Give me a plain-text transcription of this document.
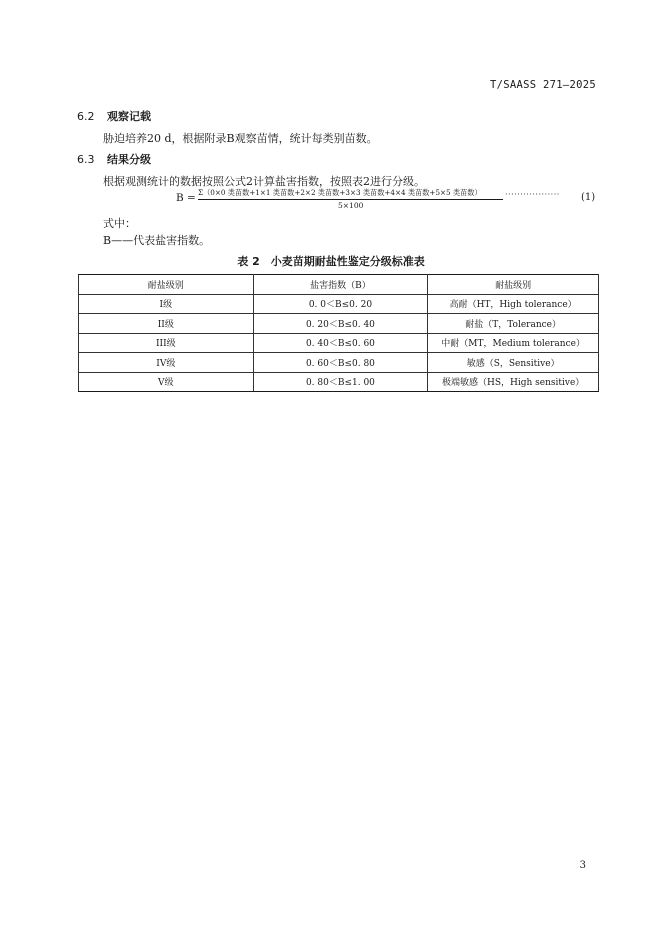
T/SAASS 271—2025
6.2 观察记载
胁迫培养20 d，根据附录B观察苗情，统计每类别苗数。
6.3 结果分级
根据观测统计的数据按照公式2计算盐害指数，按照表2进行分级。
B = Σ（0×0 类苗数+1×1 类苗数+2×2 类苗数+3×3 类苗数+4×4 类苗数+5×5 类苗数）
5×100
·················· (1)
式中：
B——代表盐害指数。
表 2　小麦苗期耐盐性鉴定分级标准表
耐盐级别	盐害指数（B）	耐盐级别
I级	0. 0＜B≤0. 20	高耐（HT，High tolerance）
II级	0. 20＜B≤0. 40	耐盐（T，Tolerance）
III级	0. 40＜B≤0. 60	中耐（MT，Medium tolerance）
IV级	0. 60＜B≤0. 80	敏感（S，Sensitive）
V级	0. 80＜B≤1. 00	极端敏感（HS，High sensitive）
3
